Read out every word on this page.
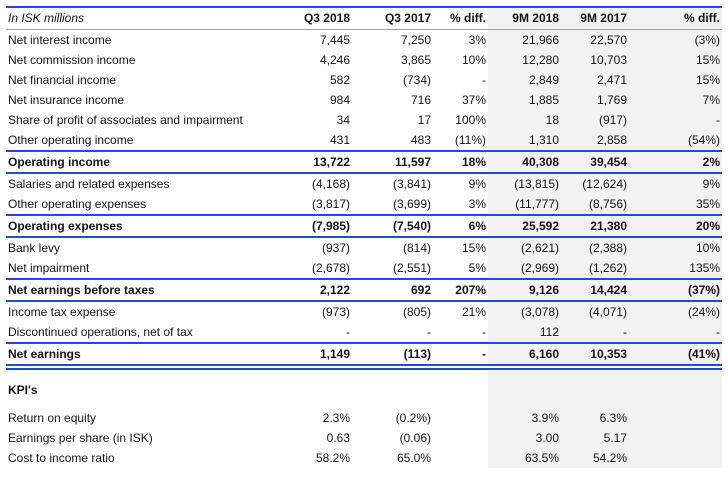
In ISK millions	Q3 2018	Q3 2017	% diff.	9M 2018	9M 2017	% diff.
Net interest income	7,445	7,250	3%	21,966	22,570	(3%)
Net commission income	4,246	3,865	10%	12,280	10,703	15%
Net financial income	582	(734)	-	2,849	2,471	15%
Net insurance income	984	716	37%	1,885	1,769	7%
Share of profit of associates and impairment	34	17	100%	18	(917)	-
Other operating income	431	483	(11%)	1,310	2,858	(54%)
Operating income	13,722	11,597	18%	40,308	39,454	2%
Salaries and related expenses	(4,168)	(3,841)	9%	(13,815)	(12,624)	9%
Other operating expenses	(3,817)	(3,699)	3%	(11,777)	(8,756)	35%
Operating expenses	(7,985)	(7,540)	6%	25,592	21,380	20%
Bank levy	(937)	(814)	15%	(2,621)	(2,388)	10%
Net impairment	(2,678)	(2,551)	5%	(2,969)	(1,262)	135%
Net earnings before taxes	2,122	692	207%	9,126	14,424	(37%)
Income tax expense	(973)	(805)	21%	(3,078)	(4,071)	(24%)
Discontinued operations, net of tax	-	-	-	112	-	-
Net earnings	1,149	(113)	-	6,160	10,353	(41%)

KPI's						

Return on equity	2.3%	(0.2%)		3.9%	6.3%	
Earnings per share (in ISK)	0.63	(0.06)		3.00	5.17	
Cost to income ratio	58.2%	65.0%		63.5%	54.2%	
